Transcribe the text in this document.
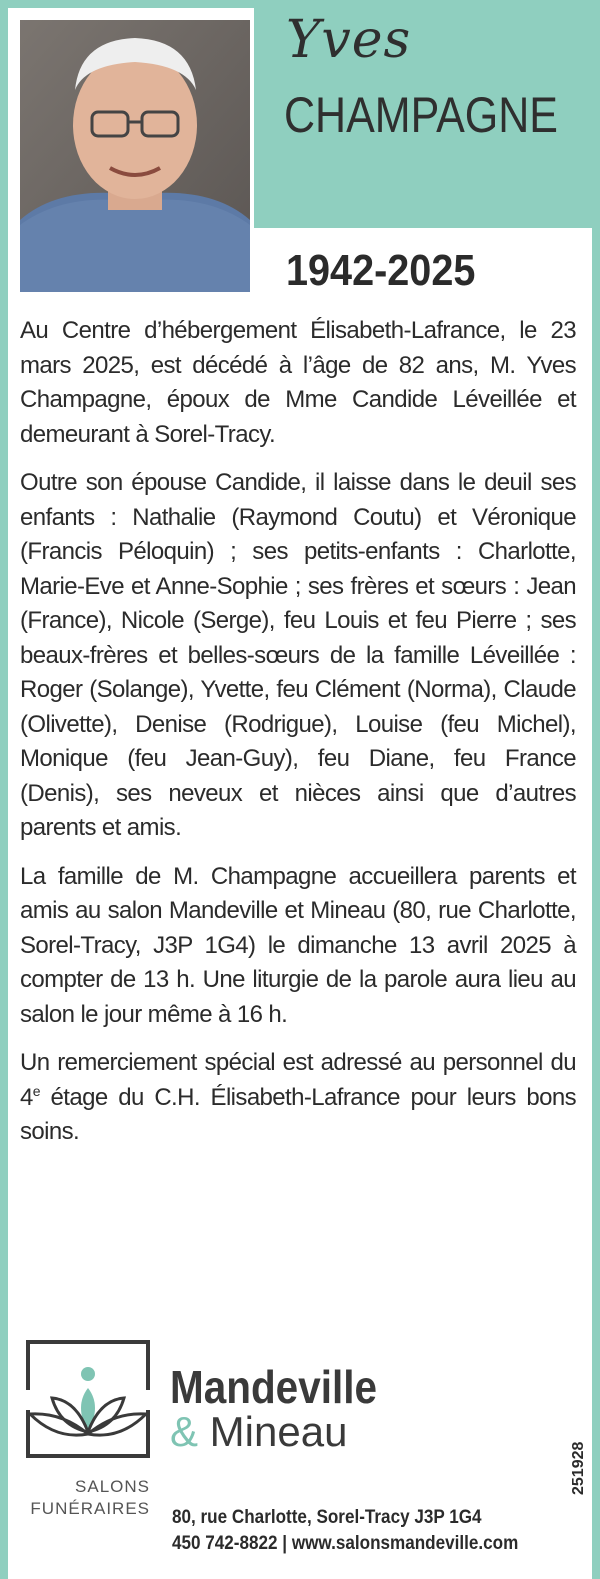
Yves
CHAMPAGNE
1942-2025

Au Centre d’hébergement Élisabeth-Lafrance, le 23 mars 2025, est décédé à l’âge de 82 ans, M. Yves Champagne, époux de Mme Candide Léveillée et demeurant à Sorel-Tracy.

Outre son épouse Candide, il laisse dans le deuil ses enfants : Nathalie (Raymond Coutu) et Véronique (Francis Péloquin) ; ses petits-enfants : Charlotte, Marie-Eve et Anne-Sophie ; ses frères et sœurs : Jean (France), Nicole (Serge), feu Louis et feu Pierre ; ses beaux-frères et belles-sœurs de la famille Léveillée : Roger (Solange), Yvette, feu Clément (Norma), Claude (Olivette), Denise (Rodrigue), Louise (feu Michel), Monique (feu Jean-Guy), feu Diane, feu France (Denis), ses neveux et nièces ainsi que d’autres parents et amis.

La famille de M. Champagne accueillera parents et amis au salon Mandeville et Mineau (80, rue Charlotte, Sorel-Tracy, J3P 1G4) le dimanche 13 avril 2025 à compter de 13 h. Une liturgie de la parole aura lieu au salon le jour même à 16 h.

Un remerciement spécial est adressé au personnel du 4e étage du C.H. Élisabeth-Lafrance pour leurs bons soins.

Mandeville
& Mineau
SALONS
FUNÉRAIRES 80, rue Charlotte, Sorel-Tracy J3P 1G4
450 742-8822 | www.salonsmandeville.com
251928
